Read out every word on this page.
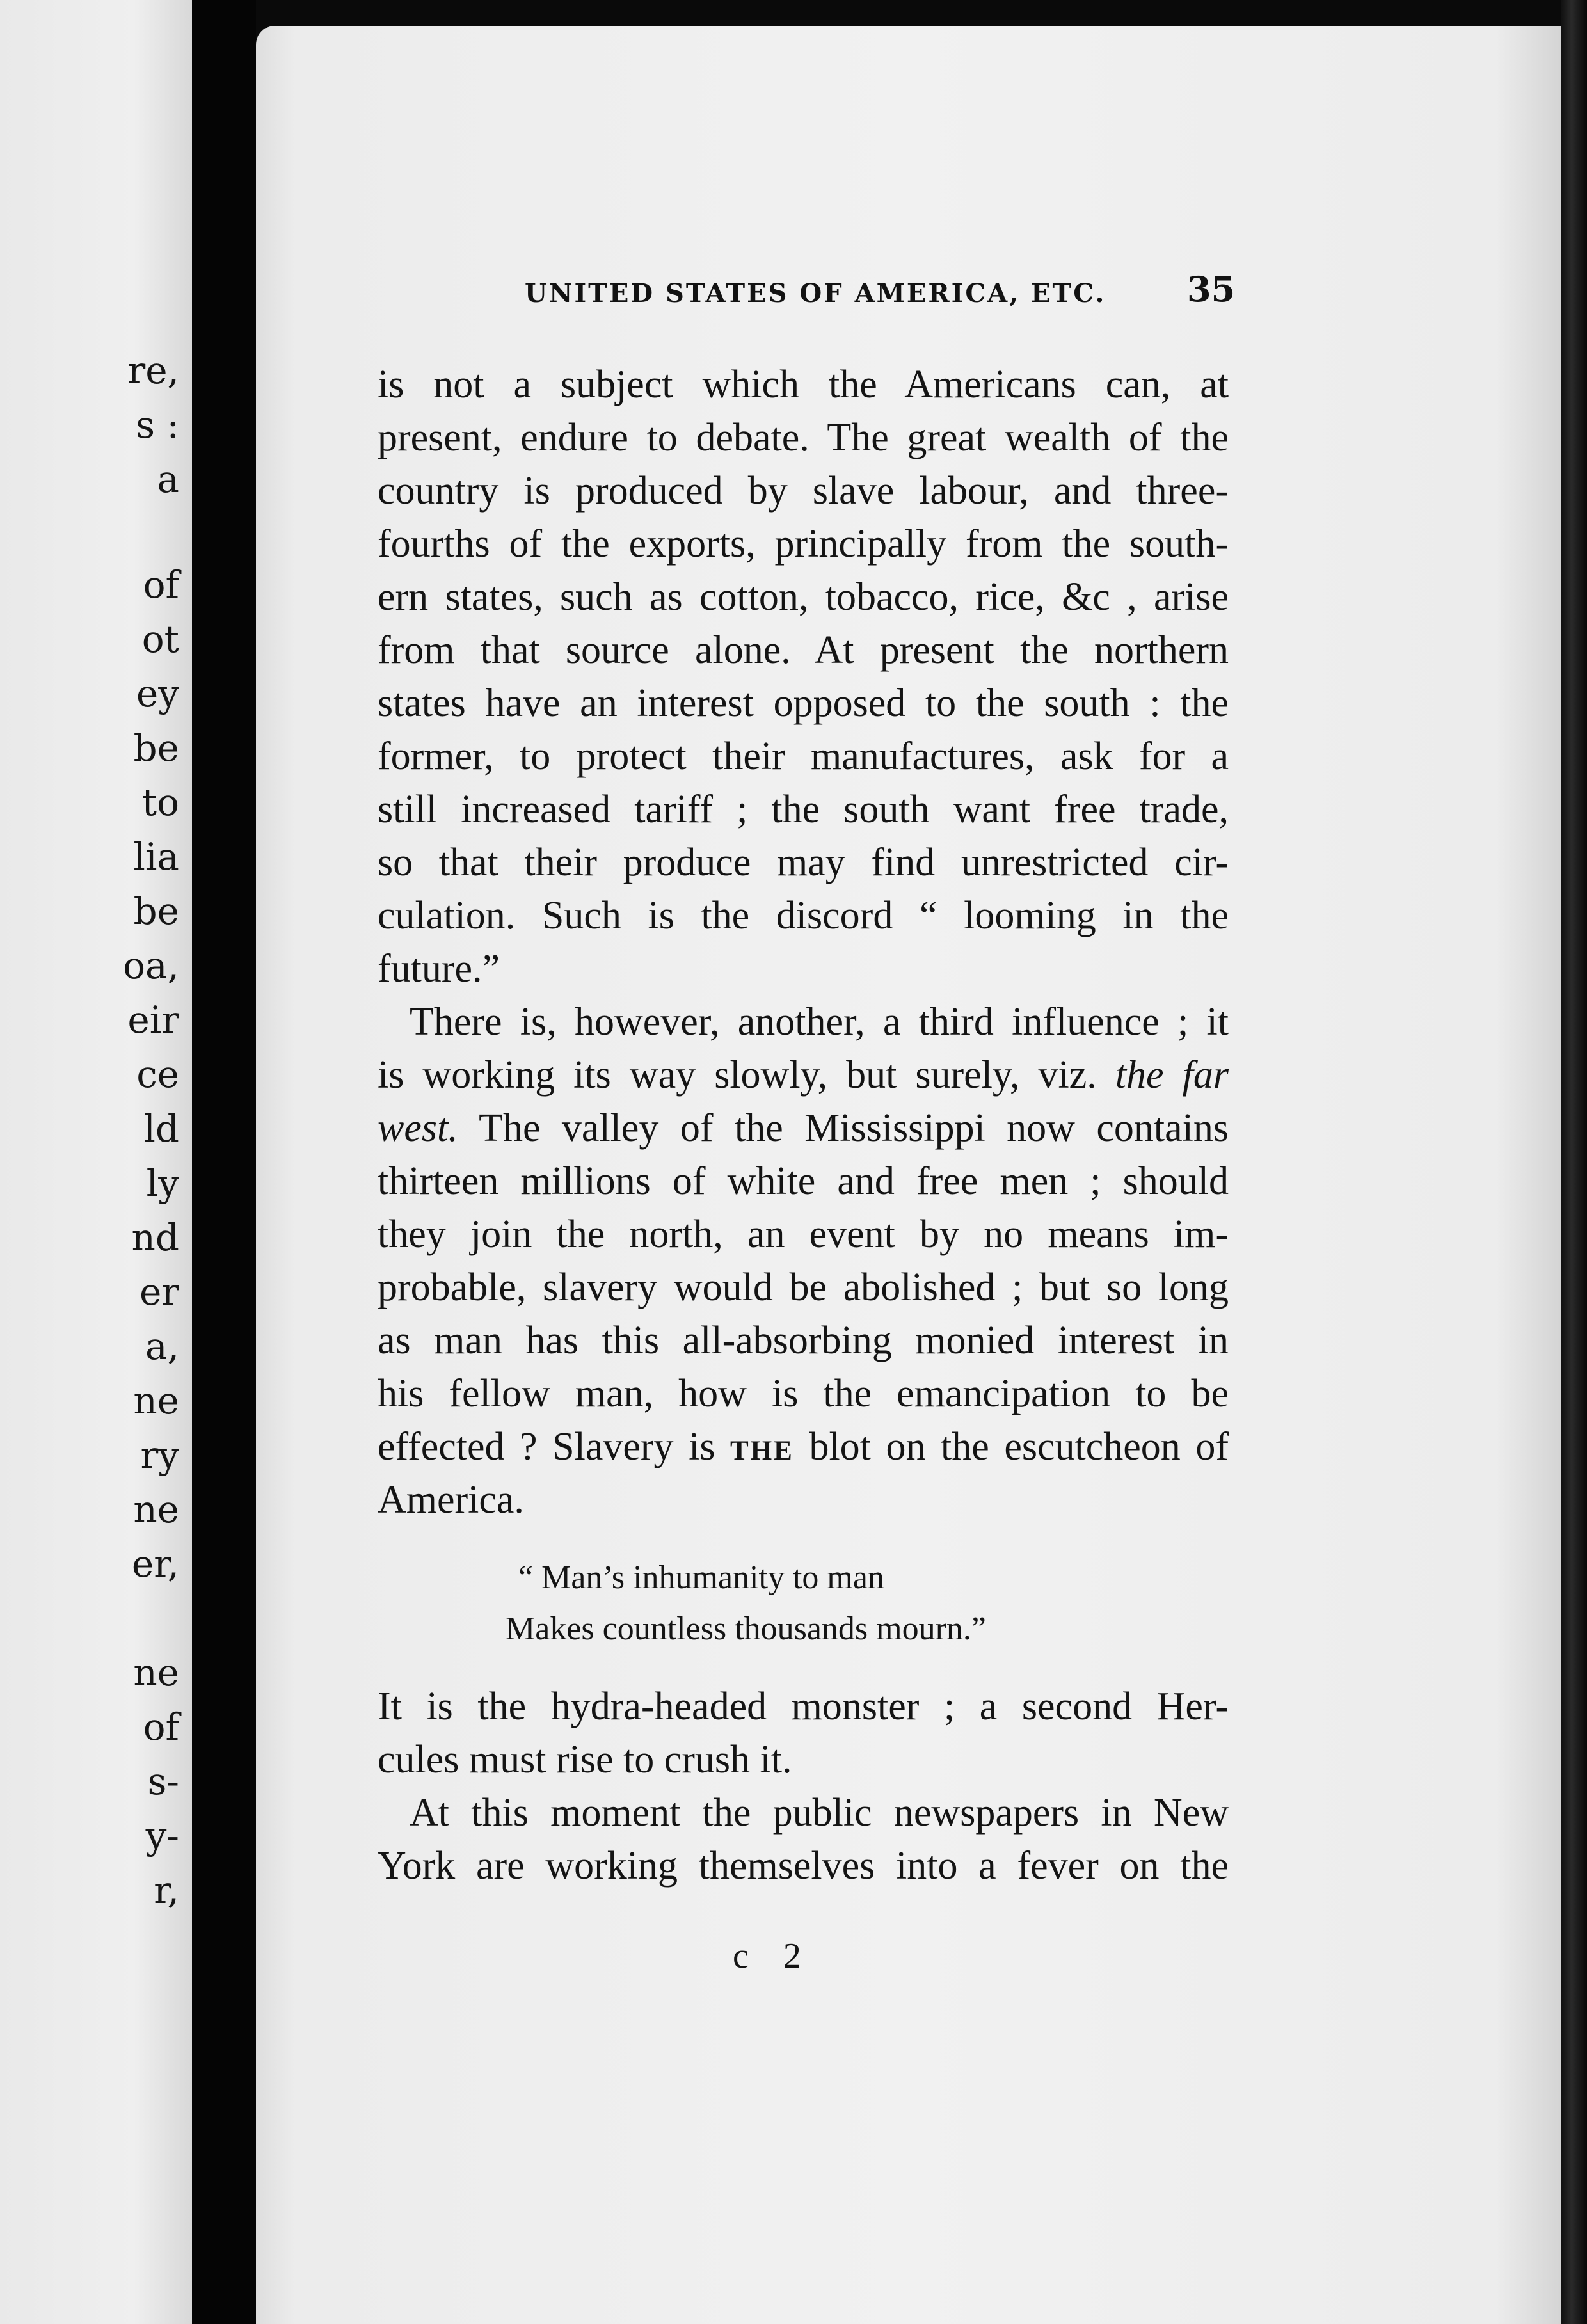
re,
s :
a
of
ot
ey
be
to
lia
be
oa,
eir
ce
ld
ly
nd
er
a,
ne
ry
ne
er,
ne
of
s-
y-
r,
UNITED STATES OF AMERICA, ETC.	35

is not a subject which the Americans can, at
present, endure to debate. The great wealth of the
country is produced by slave labour, and three-
fourths of the exports, principally from the south-
ern states, such as cotton, tobacco, rice, &c , arise
from that source alone. At present the northern
states have an interest opposed to the south : the
former, to protect their manufactures, ask for a
still increased tariff ; the south want free trade,
so that their produce may find unrestricted cir-
culation. Such is the discord “ looming in the
future.”

There is, however, another, a third influence ; it
is working its way slowly, but surely, viz. the far
west. The valley of the Mississippi now contains
thirteen millions of white and free men ; should
they join the north, an event by no means im-
probable, slavery would be abolished ; but so long
as man has this all-absorbing monied interest in
his fellow man, how is the emancipation to be
effected ? Slavery is the blot on the escutcheon of
America.

“ Man’s inhumanity to man
Makes countless thousands mourn.”

It is the hydra-headed monster ; a second Her-
cules must rise to crush it.

At this moment the public newspapers in New
York are working themselves into a fever on the

c 2
